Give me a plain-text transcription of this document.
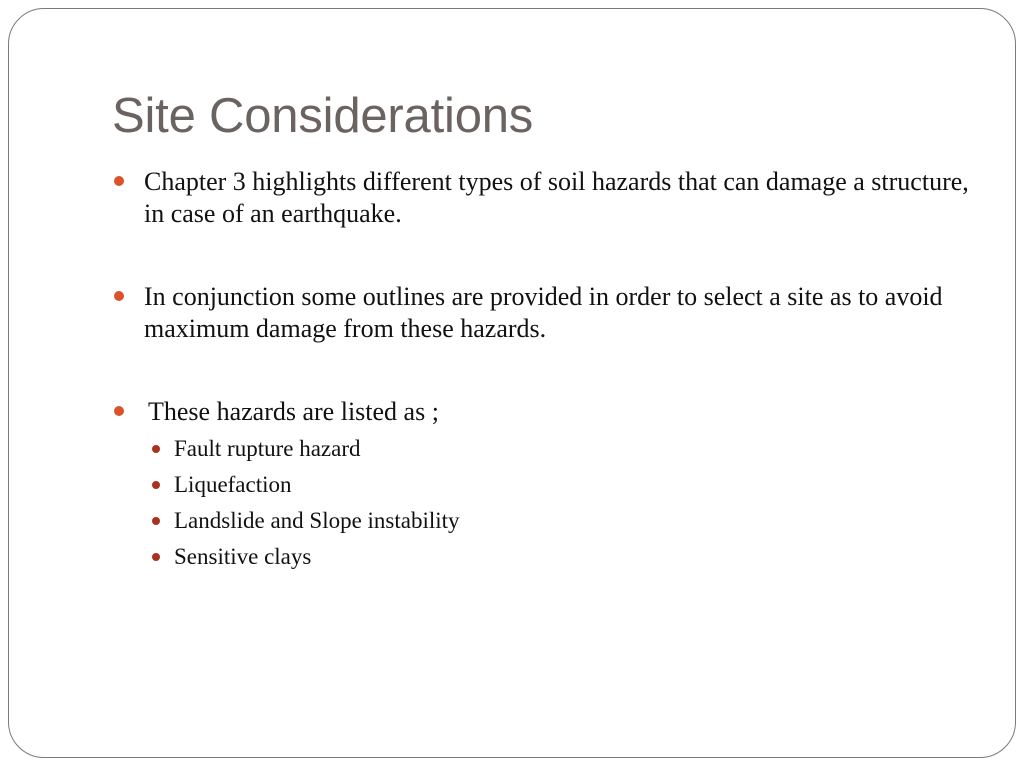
Site Considerations

Chapter 3 highlights different types of soil hazards that can damage a structure, in case of an earthquake.

In conjunction some outlines are provided in order to select a site as to avoid maximum damage from these hazards.

These hazards are listed as ;

Fault rupture hazard
Liquefaction
Landslide and Slope instability
Sensitive clays
